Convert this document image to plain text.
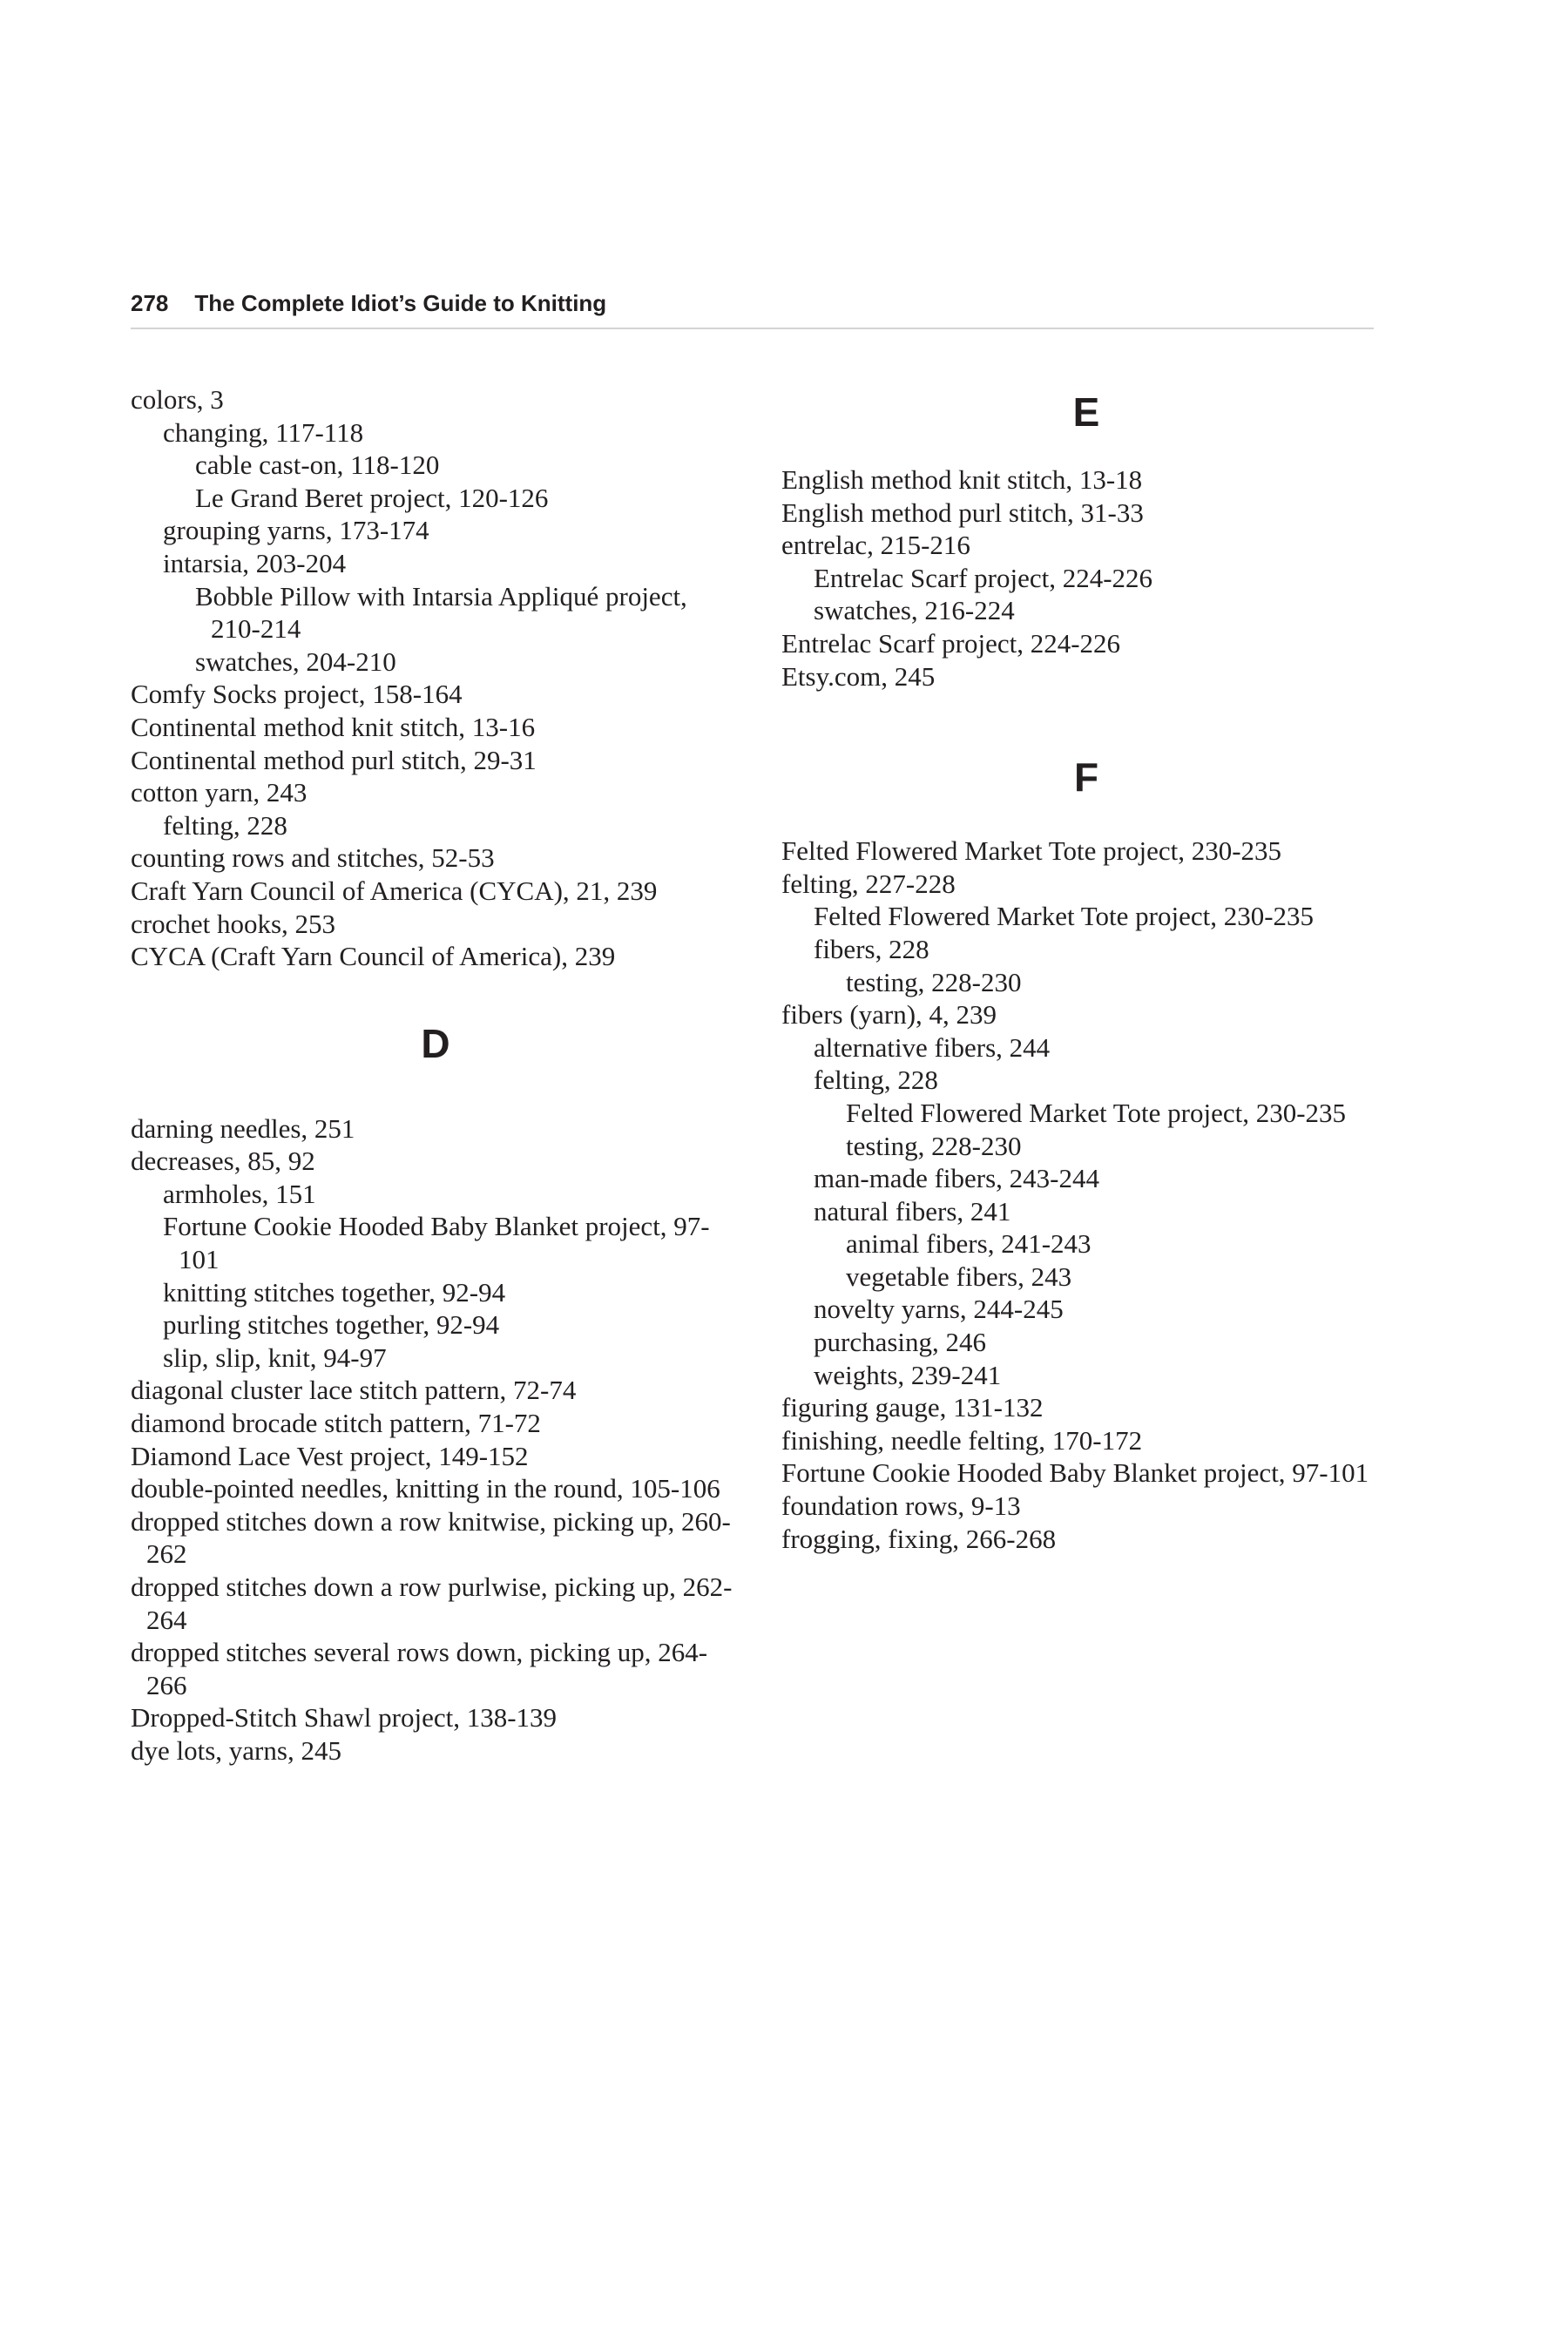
278 The Complete Idiot’s Guide to Knitting
colors, 3
changing, 117-118
cable cast-on, 118-120
Le Grand Beret project, 120-126
grouping yarns, 173-174
intarsia, 203-204
Bobble Pillow with Intarsia Appliqué project, 210-214
swatches, 204-210
Comfy Socks project, 158-164
Continental method knit stitch, 13-16
Continental method purl stitch, 29-31
cotton yarn, 243
felting, 228
counting rows and stitches, 52-53
Craft Yarn Council of America (CYCA), 21, 239
crochet hooks, 253
CYCA (Craft Yarn Council of America), 239
D
darning needles, 251
decreases, 85, 92
armholes, 151
Fortune Cookie Hooded Baby Blanket project, 97-101
knitting stitches together, 92-94
purling stitches together, 92-94
slip, slip, knit, 94-97
diagonal cluster lace stitch pattern, 72-74
diamond brocade stitch pattern, 71-72
Diamond Lace Vest project, 149-152
double-pointed needles, knitting in the round, 105-106
dropped stitches down a row knitwise, picking up, 260-262
dropped stitches down a row purlwise, picking up, 262-264
dropped stitches several rows down, picking up, 264-266
Dropped-Stitch Shawl project, 138-139
dye lots, yarns, 245
E
English method knit stitch, 13-18
English method purl stitch, 31-33
entrelac, 215-216
Entrelac Scarf project, 224-226
swatches, 216-224
Entrelac Scarf project, 224-226
Etsy.com, 245
F
Felted Flowered Market Tote project, 230-235
felting, 227-228
Felted Flowered Market Tote project, 230-235
fibers, 228
testing, 228-230
fibers (yarn), 4, 239
alternative fibers, 244
felting, 228
Felted Flowered Market Tote project, 230-235
testing, 228-230
man-made fibers, 243-244
natural fibers, 241
animal fibers, 241-243
vegetable fibers, 243
novelty yarns, 244-245
purchasing, 246
weights, 239-241
figuring gauge, 131-132
finishing, needle felting, 170-172
Fortune Cookie Hooded Baby Blanket project, 97-101
foundation rows, 9-13
frogging, fixing, 266-268
